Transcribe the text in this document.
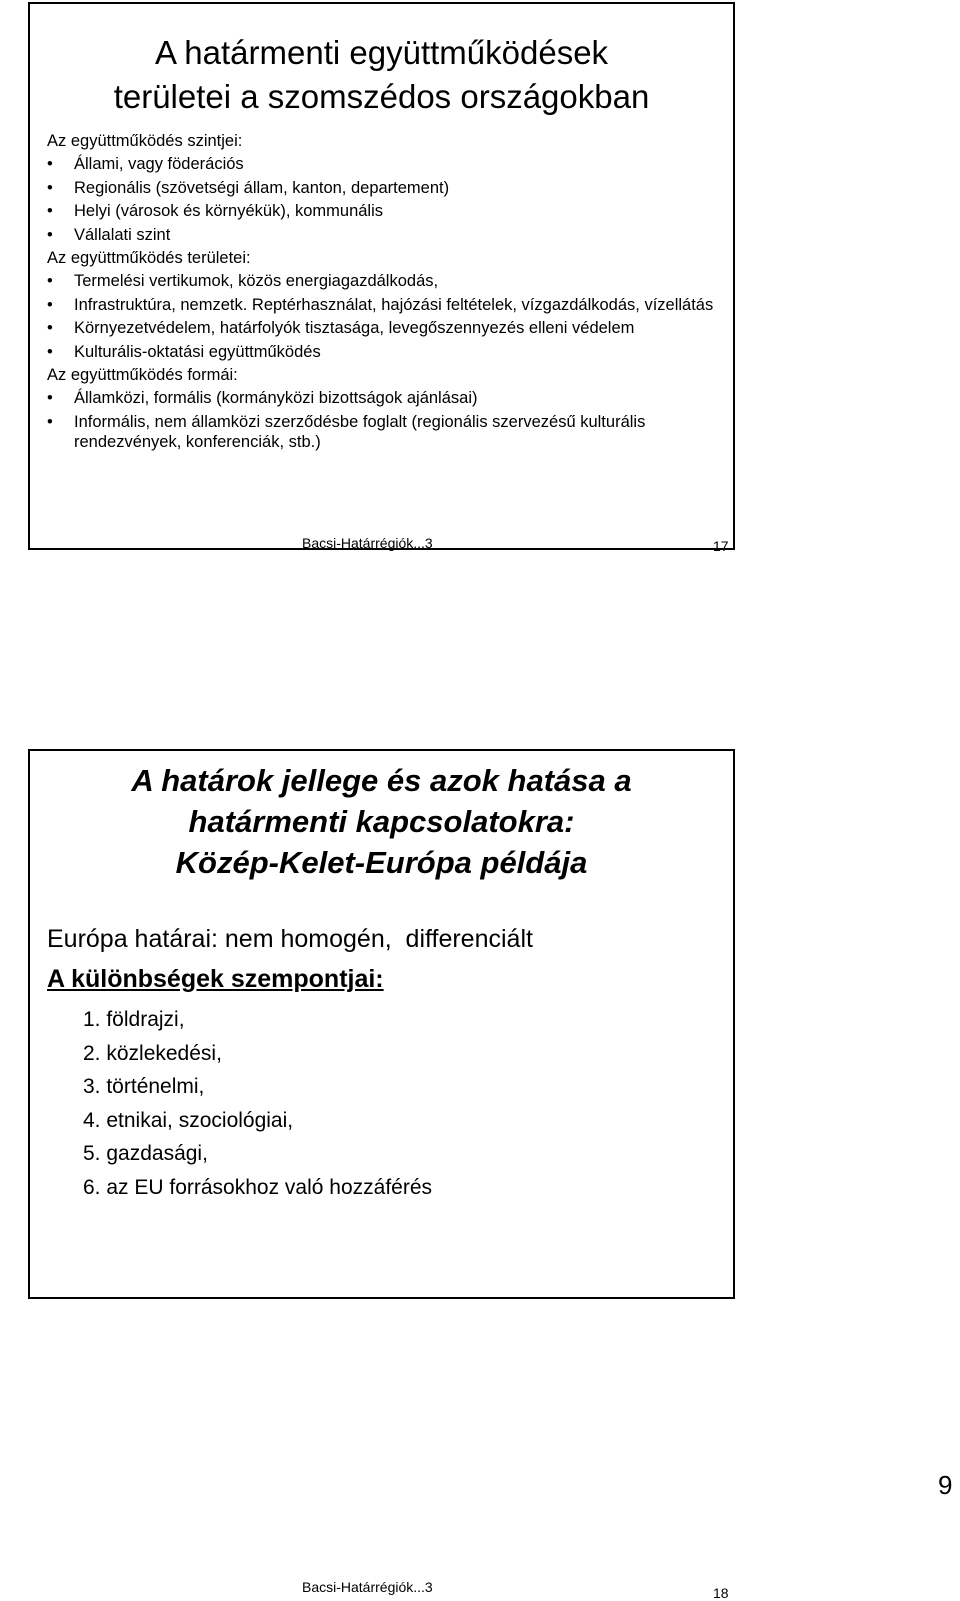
A határmenti együttműködések
területei a szomszédos országokban

Az együttműködés szintjei:

• Állami, vagy föderációs

• Regionális (szövetségi állam, kanton, departement)

• Helyi (városok és környékük), kommunális

• Vállalati szint

Az együttműködés területei:

• Termelési vertikumok, közös energiagazdálkodás,

• Infrastruktúra, nemzetk. Reptérhasználat, hajózási feltételek, vízgazdálkodás, vízellátás

• Környezetvédelem, határfolyók tisztasága, levegőszennyezés elleni védelem

• Kulturális-oktatási együttműködés

Az együttműködés formái:

• Államközi, formális (kormányközi bizottságok ajánlásai)

• Informális, nem államközi szerződésbe foglalt (regionális szervezésű kulturális rendezvények, konferenciák, stb.)

Bacsi-Határrégiók...3	17
A határok jellege és azok hatása a
határmenti kapcsolatokra:
Közép-Kelet-Európa példája
Európa határai: nem homogén,  differenciált
A különbségek szempontjai:
1. földrajzi,
2. közlekedési,
3. történelmi,
4. etnikai, szociológiai,
5. gazdasági,
6. az EU forrásokhoz való hozzáférés
Bacsi-Határrégiók...3	18
9
